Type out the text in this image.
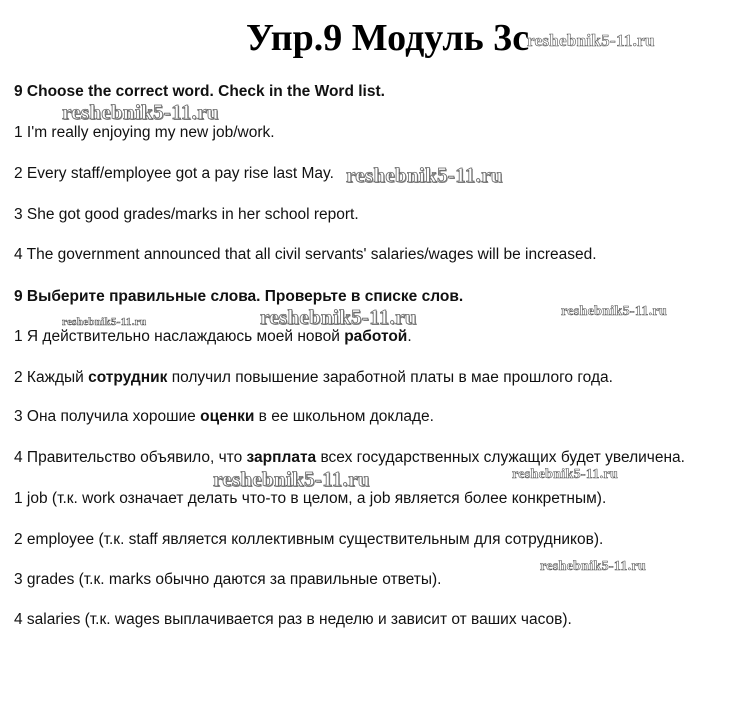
Упр.9 Модуль 3с
reshebnik5-11.ru
9 Choose the correct word. Check in the Word list.
reshebnik5-11.ru
1 I'm really enjoying my new job/work.
2 Every staff/employee got a pay rise last May. reshebnik5-11.ru
3 She got good grades/marks in her school report.
4 The government announced that all civil servants' salaries/wages will be increased.
9 Выберите правильные слова. Проверьте в списке слов.
reshebnik5-11.ru	reshebnik5-11.ru
reshebnik5-11.ru
1 Я действительно наслаждаюсь моей новой работой.
2 Каждый сотрудник получил повышение заработной платы в мае прошлого года.
3 Она получила хорошие оценки в ее школьном докладе.
4 Правительство объявило, что зарплата всех государственных служащих будет увеличена.
reshebnik5-11.ru	reshebnik5-11.ru
1 job (т.к. work означает делать что-то в целом, а job является более конкретным).
2 employee (т.к. staff является коллективным существительным для сотрудников).
3 grades (т.к. marks обычно даются за правильные ответы).
reshebnik5-11.ru
4 salaries (т.к. wages выплачивается раз в неделю и зависит от ваших часов).
